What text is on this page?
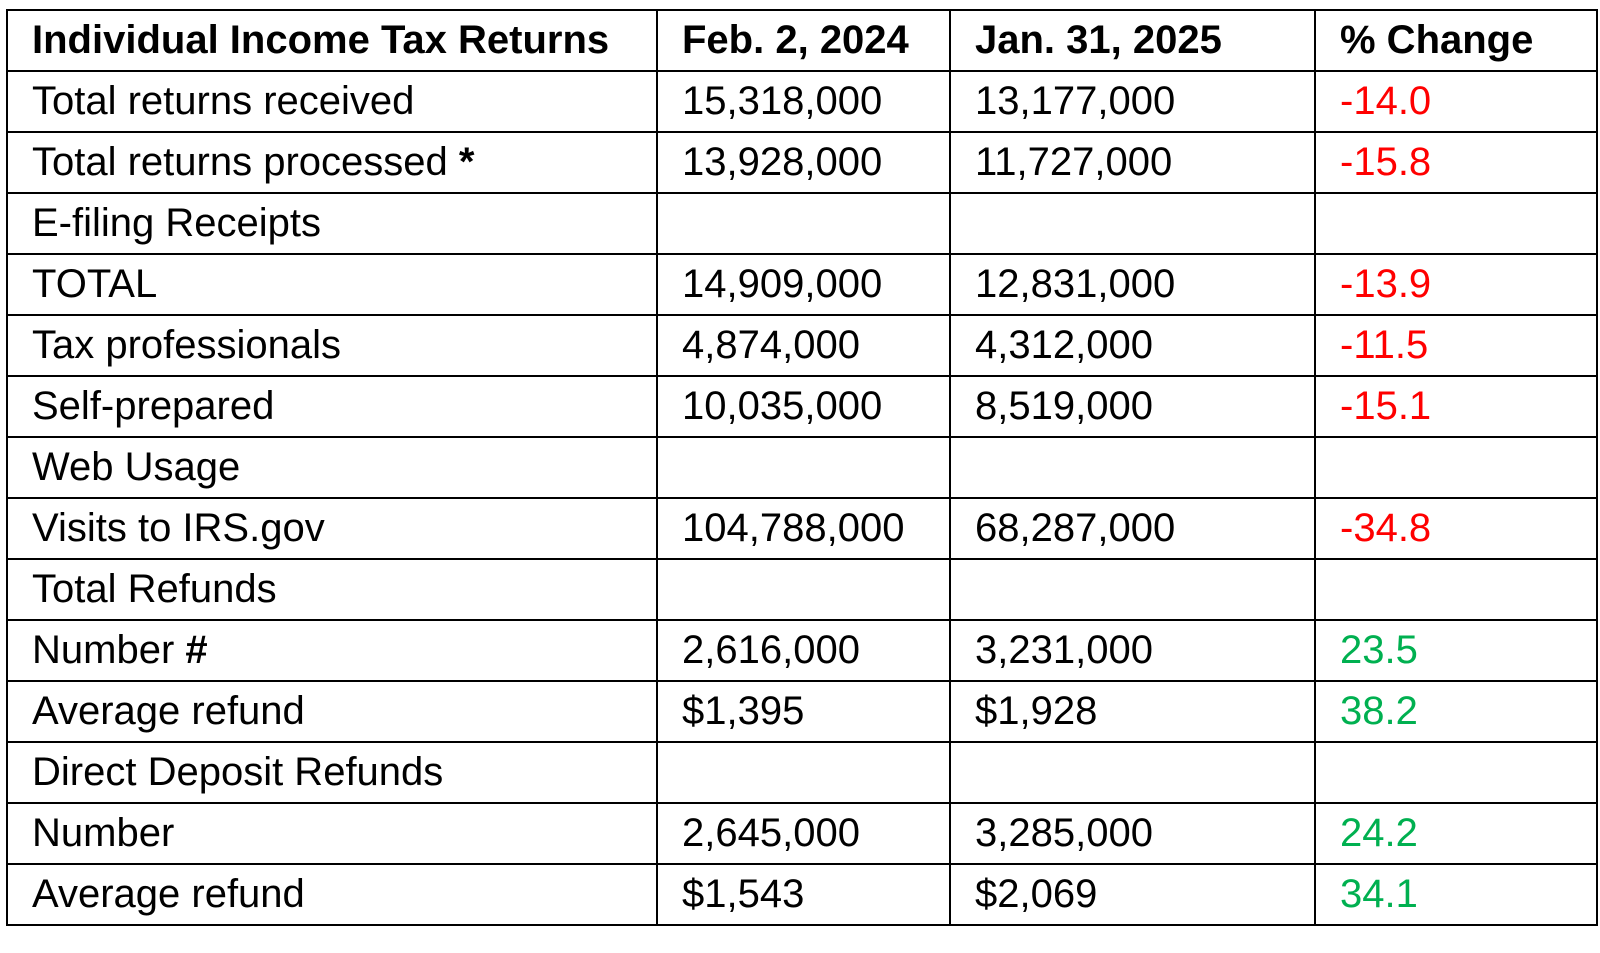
Individual Income Tax Returns	Feb. 2, 2024	Jan. 31, 2025	% Change
Total returns received	15,318,000	13,177,000	-14.0
Total returns processed *	13,928,000	11,727,000	-15.8
E-filing Receipts			
TOTAL	14,909,000	12,831,000	-13.9
Tax professionals	4,874,000	4,312,000	-11.5
Self-prepared	10,035,000	8,519,000	-15.1
Web Usage			
Visits to IRS.gov	104,788,000	68,287,000	-34.8
Total Refunds			
Number #	2,616,000	3,231,000	23.5
Average refund	$1,395	$1,928	38.2
Direct Deposit Refunds			
Number	2,645,000	3,285,000	24.2
Average refund	$1,543	$2,069	34.1
